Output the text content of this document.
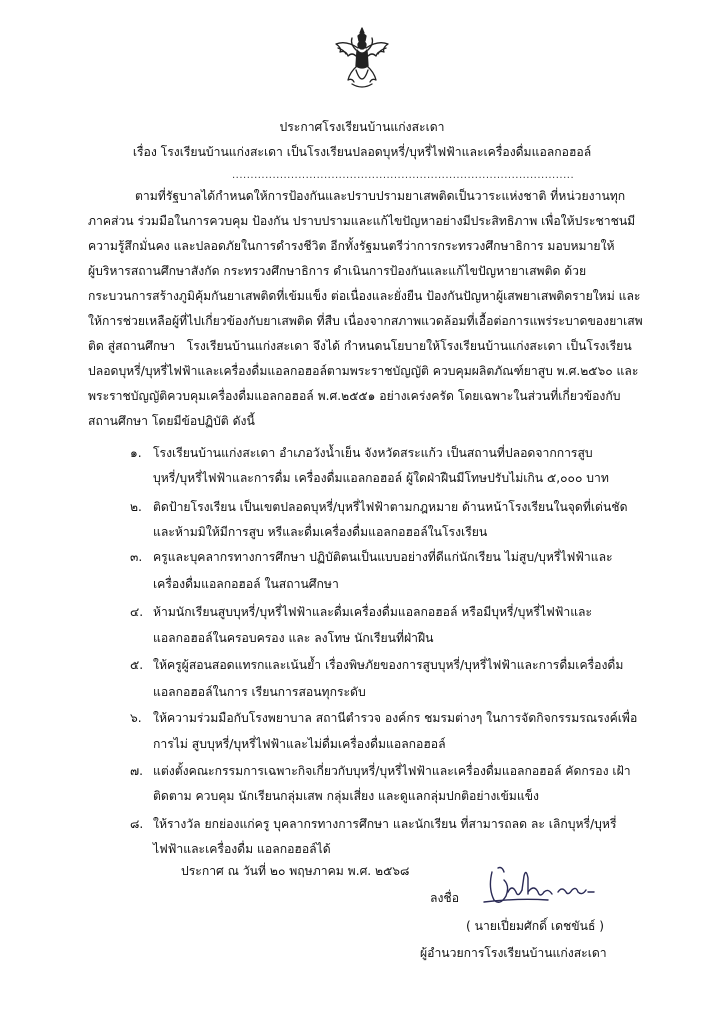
ประกาศโรงเรียนบ้านแก่งสะเดา
เรื่อง โรงเรียนบ้านแก่งสะเดา เป็นโรงเรียนปลอดบุหรี่/บุหรี่ไฟฟ้าและเครื่องดื่มแอลกอฮอล์
.............................................................................................
ตามที่รัฐบาลได้กำหนดให้การป้องกันและปราบปรามยาเสพติดเป็นวาระแห่งชาติ ที่หน่วยงานทุก
ภาคส่วน ร่วมมือในการควบคุม ป้องกัน ปราบปรามและแก้ไขปัญหาอย่างมีประสิทธิภาพ เพื่อให้ประชาชนมี
ความรู้สึกมั่นคง และปลอดภัยในการดำรงชีวิต อีกทั้งรัฐมนตรีว่าการกระทรวงศึกษาธิการ มอบหมายให้
ผู้บริหารสถานศึกษาสังกัด กระทรวงศึกษาธิการ ดำเนินการป้องกันและแก้ไขปัญหายาเสพติด ด้วย
กระบวนการสร้างภูมิคุ้มกันยาเสพติดที่เข้มแข็ง ต่อเนื่องและยั่งยืน ป้องกันปัญหาผู้เสพยาเสพติดรายใหม่ และ
ให้การช่วยเหลือผู้ที่ไปเกี่ยวข้องกับยาเสพติด ที่สืบ เนื่องจากสภาพแวดล้อมที่เอื้อต่อการแพร่ระบาดของยาเสพ
ติด สู่สถานศึกษา   โรงเรียนบ้านแก่งสะเดา จึงได้ กำหนดนโยบายให้โรงเรียนบ้านแก่งสะเดา เป็นโรงเรียน
ปลอดบุหรี่/บุหรี่ไฟฟ้าและเครื่องดื่มแอลกอฮอล์ตามพระราชบัญญัติ ควบคุมผลิตภัณฑ์ยาสูบ พ.ศ.๒๕๖๐ และ
พระราชบัญญัติควบคุมเครื่องดื่มแอลกอฮอล์ พ.ศ.๒๕๕๑ อย่างเคร่งครัด โดยเฉพาะในส่วนที่เกี่ยวข้องกับ
สถานศึกษา โดยมีข้อปฏิบัติ ดังนี้
๑. โรงเรียนบ้านแก่งสะเดา อำเภอวังน้ำเย็น จังหวัดสระแก้ว เป็นสถานที่ปลอดจากการสูบ
บุหรี่/บุหรี่ไฟฟ้าและการดื่ม เครื่องดื่มแอลกอฮอล์ ผู้ใดฝ่าฝืนมีโทษปรับไม่เกิน ๕,๐๐๐ บาท
๒. ติดป้ายโรงเรียน เป็นเขตปลอดบุหรี่/บุหรี่ไฟฟ้าตามกฎหมาย ด้านหน้าโรงเรียนในจุดที่เด่นชัด
และห้ามมิให้มีการสูบ หรีและดื่มเครื่องดื่มแอลกอฮอล์ในโรงเรียน
๓. ครูและบุคลากรทางการศึกษา ปฏิบัติตนเป็นแบบอย่างที่ดีแก่นักเรียน ไม่สูบ/บุหรี่ไฟฟ้าและ
เครื่องดื่มแอลกอฮอล์ ในสถานศึกษา
๔. ห้ามนักเรียนสูบบุหรี่/บุหรี่ไฟฟ้าและดื่มเครื่องดื่มแอลกอฮอล์ หรือมีบุหรี่/บุหรี่ไฟฟ้าและ
แอลกอฮอล์ในครอบครอง และ ลงโทษ นักเรียนที่ฝ่าฝืน
๕. ให้ครูผู้สอนสอดแทรกและเน้นย้ำ เรื่องพิษภัยของการสูบบุหรี่/บุหรี่ไฟฟ้าและการดื่มเครื่องดื่ม
แอลกอฮอล์ในการ เรียนการสอนทุกระดับ
๖. ให้ความร่วมมือกับโรงพยาบาล สถานีตำรวจ องค์กร ชมรมต่างๆ ในการจัดกิจกรรมรณรงค์เพื่อ
การไม่ สูบบุหรี่/บุหรี่ไฟฟ้าและไม่ดื่มเครื่องดื่มแอลกอฮอล์
๗. แต่งตั้งคณะกรรมการเฉพาะกิจเกี่ยวกับบุหรี่/บุหรี่ไฟฟ้าและเครื่องดื่มแอลกอฮอล์ คัดกรอง เฝ้า
ติดตาม ควบคุม นักเรียนกลุ่มเสพ กลุ่มเสี่ยง และดูแลกลุ่มปกติอย่างเข้มแข็ง
๘. ให้รางวัล ยกย่องแก่ครู บุคลากรทางการศึกษา และนักเรียน ที่สามารถลด ละ เลิกบุหรี่/บุหรี่
ไฟฟ้าและเครื่องดื่ม แอลกอฮอล์ได้
ประกาศ ณ วันที่ ๒๐ พฤษภาคม พ.ศ. ๒๕๖๘
ลงชื่อ
( นายเปี่ยมศักดิ์ เดชขันธ์ )
ผู้อำนวยการโรงเรียนบ้านแก่งสะเดา
